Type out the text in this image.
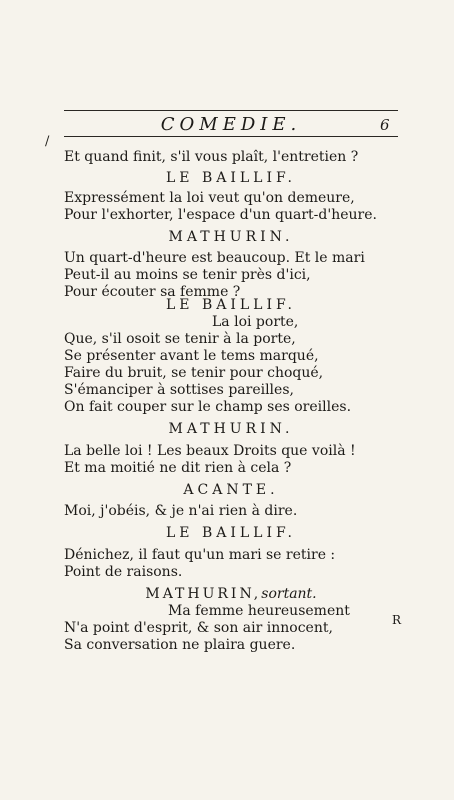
COMEDIE.	6
/
Et quand finit, s'il vous plaît, l'entretien ?
LE BAILLIF.
Expressément la loi veut qu'on demeure,
Pour l'exhorter, l'espace d'un quart-d'heure.
MATHURIN.
Un quart-d'heure est beaucoup. Et le mari
Peut-il au moins se tenir près d'ici,
Pour écouter sa femme ?
LE BAILLIF.
La loi porte,
Que, s'il osoit se tenir à la porte,
Se présenter avant le tems marqué,
Faire du bruit, se tenir pour choqué,
S'émanciper à sottises pareilles,
On fait couper sur le champ ses oreilles.
MATHURIN.
La belle loi ! Les beaux Droits que voilà !
Et ma moitié ne dit rien à cela ?
ACANTE.
Moi, j'obéis, & je n'ai rien à dire.
LE BAILLIF.
Dénichez, il faut qu'un mari se retire :
Point de raisons.
MATHURIN,sortant.
Ma femme heureusement
N'a point d'esprit, & son air innocent,
Sa conversation ne plaira guere.
R
